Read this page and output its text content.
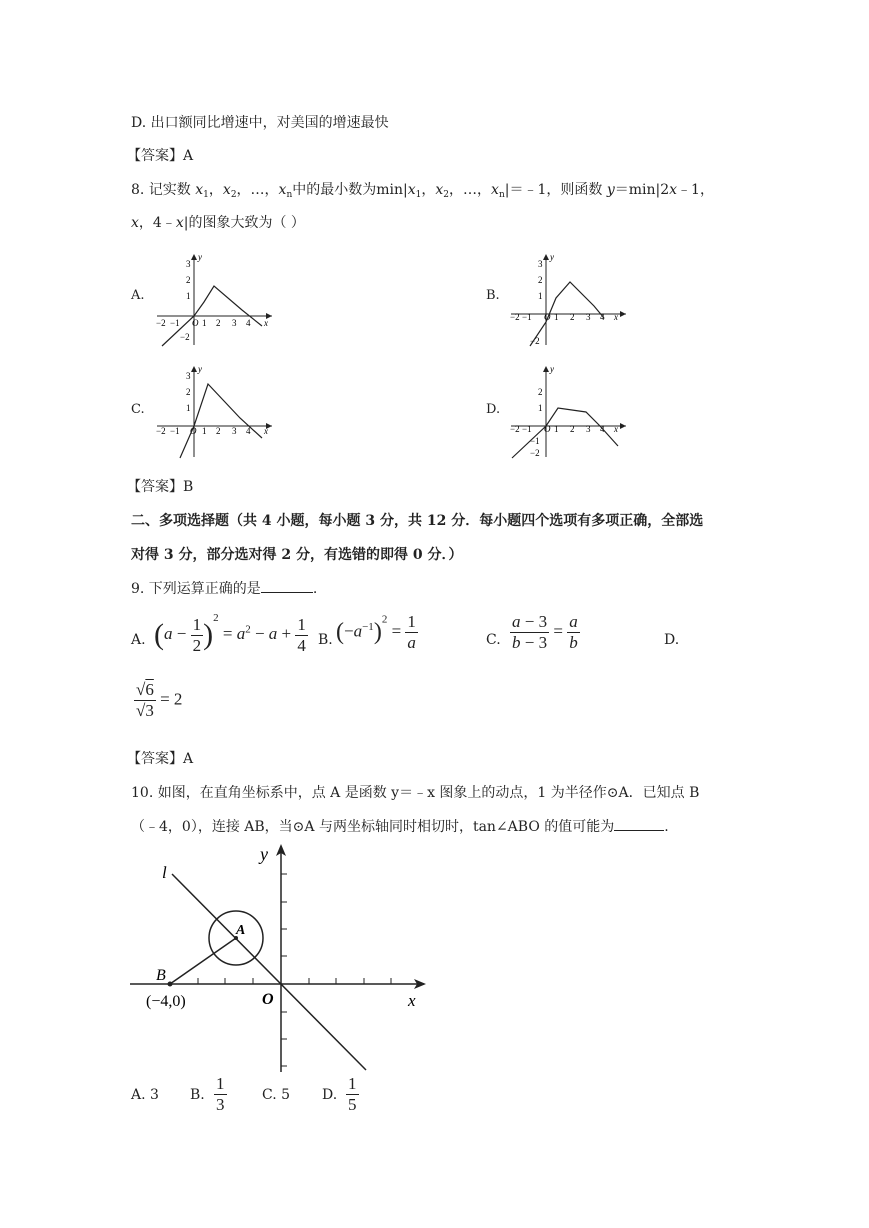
D. 出口额同比增速中，对美国的增速最快
【答案】A
8. 记实数 $x_1$，$x_2$，…，$x_n$中的最小数为$\min|x_1$，$x_2$，…，$x_n|=﹣1$，则函数 y＝min|2x﹣1，
x，4﹣x|的图象大致为（ ）
A.	B.
C.	D.
y
x
3
2
1
−2
−2 −1 O 1 2 3 4
y
x
3
2
1
−2
−2 −1 O 1 2 3 4
y
x
3
2
1
−2 −1 O 1 2 3 4
y
x
2
1
−1
−2
−2 −1 O 1 2 3 4
【答案】B
二、多项选择题（共 4 小题，每小题 3 分，共 12 分．每小题四个选项有多项正确，全部选
对得 3 分，部分选对得 2 分，有选错的即得 0 分．）
9. 下列运算正确的是	.
A. $(a - \frac{1}{2} )^2 = a^2 - a + \frac{1}{4} B$. $(-a^{-1})^2 = \frac{1}{a}$	C. $\frac{a - 3}{b - 3} = \frac{a}{b}$	D.
$\frac{√6}{√3} = 2$
【答案】A
10. 如图，在直角坐标系中，点 A 是函数 y＝﹣x 图象上的动点，1 为半径作⊙A．已知点 B
（﹣4，0），连接 AB，当⊙A 与两坐标轴同时相切时，tan∠ABO 的值可能为	.
y
l
A
B
O	x
(−4,0)
A. 3 B. $\frac{1}{3}$	C. 5 D. $\frac{1}{5}$
